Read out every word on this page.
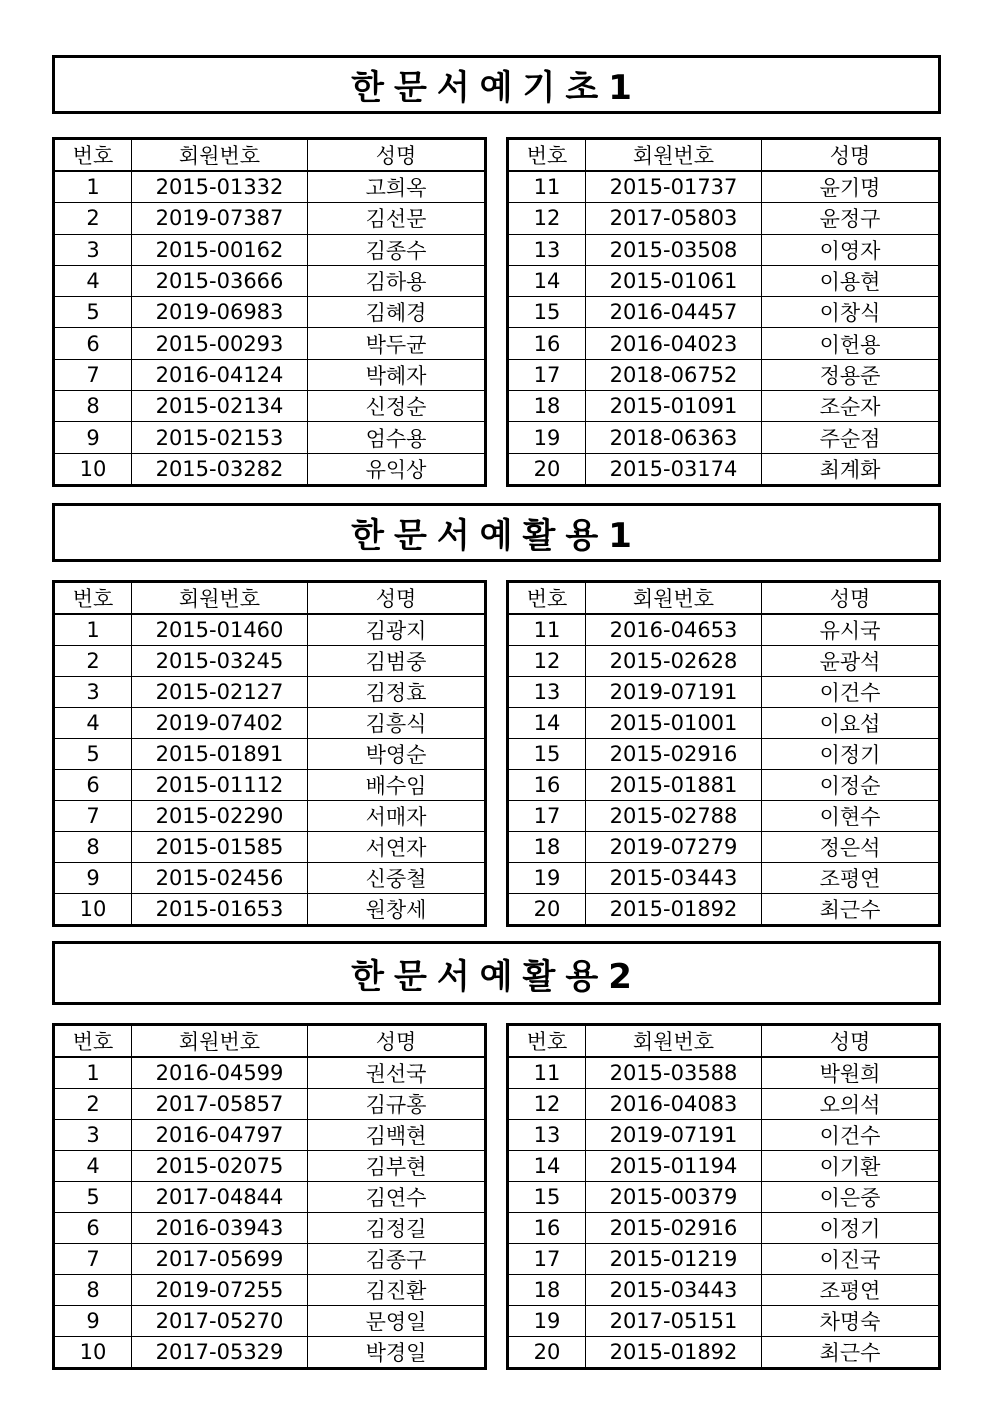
한문서예기초1
번호	회원번호	성명
1	2015-01332	고희옥
2	2019-07387	김선문
3	2015-00162	김종수
4	2015-03666	김하용
5	2019-06983	김혜경
6	2015-00293	박두균
7	2016-04124	박혜자
8	2015-02134	신정순
9	2015-02153	엄수용
10	2015-03282	유익상
번호	회원번호	성명
11	2015-01737	윤기명
12	2017-05803	윤정구
13	2015-03508	이영자
14	2015-01061	이용현
15	2016-04457	이창식
16	2016-04023	이헌용
17	2018-06752	정용준
18	2015-01091	조순자
19	2018-06363	주순점
20	2015-03174	최계화
한문서예활용1
번호	회원번호	성명
1	2015-01460	김광지
2	2015-03245	김범중
3	2015-02127	김정효
4	2019-07402	김흥식
5	2015-01891	박영순
6	2015-01112	배수임
7	2015-02290	서매자
8	2015-01585	서연자
9	2015-02456	신중철
10	2015-01653	원창세
번호	회원번호	성명
11	2016-04653	유시국
12	2015-02628	윤광석
13	2019-07191	이건수
14	2015-01001	이요섭
15	2015-02916	이정기
16	2015-01881	이정순
17	2015-02788	이현수
18	2019-07279	정은석
19	2015-03443	조평연
20	2015-01892	최근수
한문서예활용2
번호	회원번호	성명
1	2016-04599	권선국
2	2017-05857	김규홍
3	2016-04797	김백현
4	2015-02075	김부현
5	2017-04844	김연수
6	2016-03943	김정길
7	2017-05699	김종구
8	2019-07255	김진환
9	2017-05270	문영일
10	2017-05329	박경일
번호	회원번호	성명
11	2015-03588	박원희
12	2016-04083	오의석
13	2019-07191	이건수
14	2015-01194	이기환
15	2015-00379	이은중
16	2015-02916	이정기
17	2015-01219	이진국
18	2015-03443	조평연
19	2017-05151	차명숙
20	2015-01892	최근수
